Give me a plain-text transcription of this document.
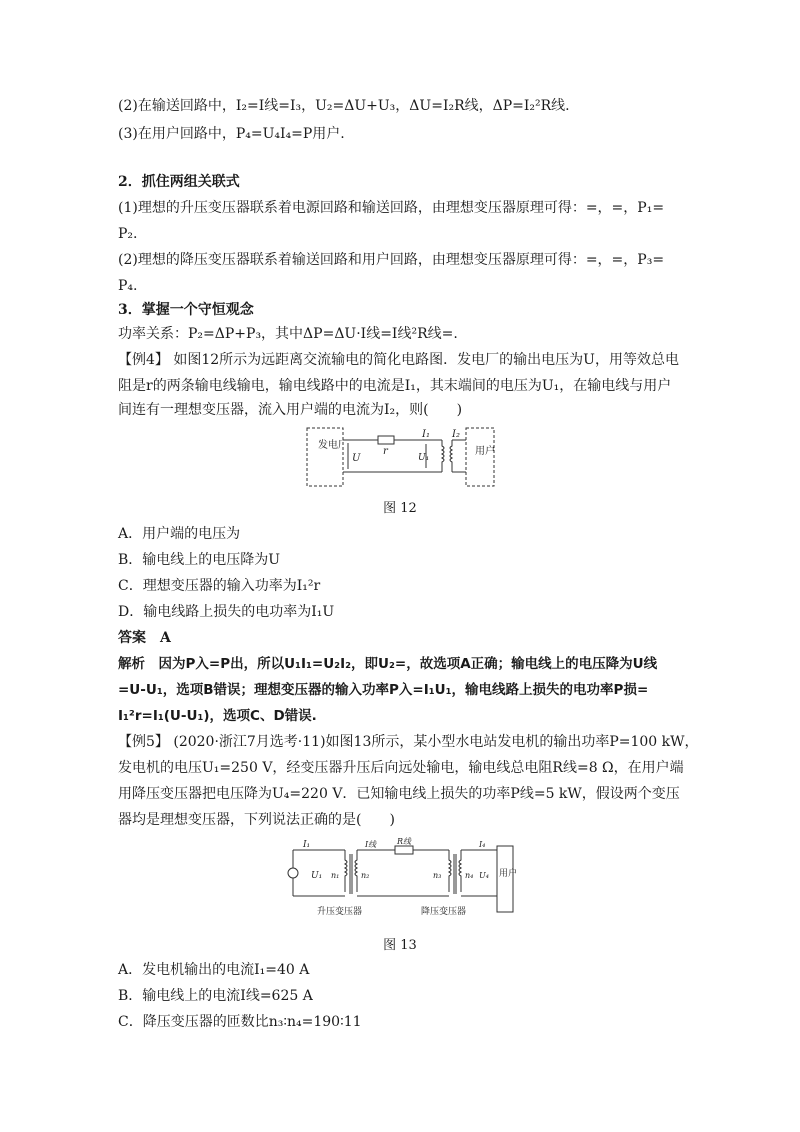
(2)在输送回路中，I₂=I线=I₃，U₂=ΔU+U₃，ΔU=I₂R线，ΔP=I₂²R线.
(3)在用户回路中，P₄=U₄I₄=P用户.
2．抓住两组关联式
(1)理想的升压变压器联系着电源回路和输送回路，由理想变压器原理可得：=，=，P₁=
P₂.
(2)理想的降压变压器联系着输送回路和用户回路，由理想变压器原理可得：=，=，P₃=
P₄.
3．掌握一个守恒观念
功率关系：P₂=ΔP+P₃，其中ΔP=ΔU·I线=I线²R线=.
【例4】 如图12所示为远距离交流输电的简化电路图．发电厂的输出电压为U，用等效总电
阻是r的两条输电线输电，输电线路中的电流是I₁，其末端间的电压为U₁，在输电线与用户
间连有一理想变压器，流入用户端的电流为I₂，则(　　)
发电厂
U
r
I₁
U₁
I₂
用户
图 12
A．用户端的电压为
B．输电线上的电压降为U
C．理想变压器的输入功率为I₁²r
D．输电线路上损失的电功率为I₁U
答案　A
解析　因为P入=P出，所以U₁I₁=U₂I₂，即U₂=，故选项A正确；输电线上的电压降为U线
=U-U₁，选项B错误；理想变压器的输入功率P入=I₁U₁，输电线路上损失的电功率P损=
I₁²r=I₁(U-U₁)，选项C、D错误.
【例5】 (2020·浙江7月选考·11)如图13所示，某小型水电站发电机的输出功率P=100 kW，
发电机的电压U₁=250 V，经变压器升压后向远处输电，输电线总电阻R线=8 Ω，在用户端
用降压变压器把电压降为U₄=220 V．已知输电线上损失的功率P线=5 kW，假设两个变压
器均是理想变压器，下列说法正确的是(　　)
I₁
U₁ n₁	n₂
I线	R线
n₃	n₄ U₄
I₄
用户
升压变压器	降压变压器
图 13
A．发电机输出的电流I₁=40 A
B．输电线上的电流I线=625 A
C．降压变压器的匝数比n₃∶n₄=190∶11
